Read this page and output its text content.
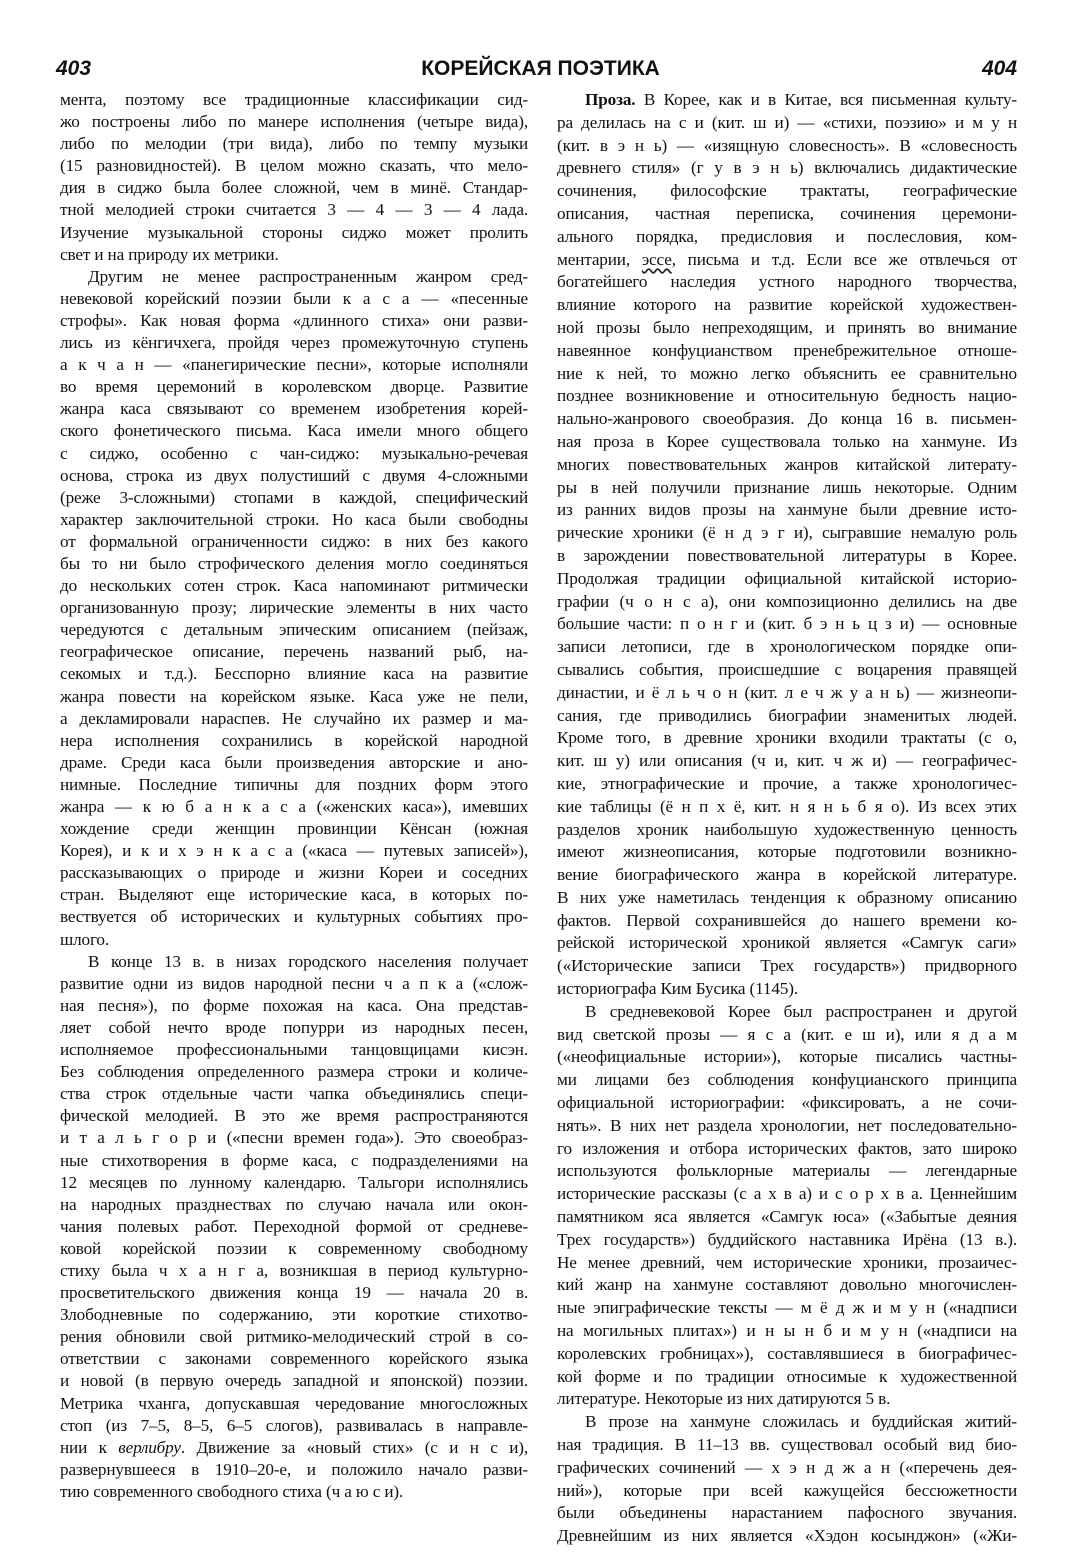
403	КОРЕЙСКАЯ ПОЭТИКА	404
мента, поэтому все традиционные классификации сид-
жо построены либо по манере исполнения (четыре вида),
либо по мелодии (три вида), либо по темпу музыки
(15 разновидностей). В целом можно сказать, что мело-
дия в сиджо была более сложной, чем в минё. Стандар-
тной мелодией строки считается 3 — 4 — 3 — 4 лада.
Изучение музыкальной стороны сиджо может пролить
свет и на природу их метрики.
Другим не менее распространенным жанром сред-
невековой корейский поэзии были к а с а — «песенные
строфы». Как новая форма «длинного стиха» они разви-
лись из кёнгичхега, пройдя через промежуточную ступень
а к ч а н — «панегирические песни», которые исполняли
во время церемоний в королевском дворце. Развитие
жанра каса связывают со временем изобретения корей-
ского фонетического письма. Каса имели много общего
с сиджо, особенно с чан-сиджо: музыкально-речевая
основа, строка из двух полустиший с двумя 4-сложными
(реже 3-сложными) стопами в каждой, специфический
характер заключительной строки. Но каса были свободны
от формальной ограниченности сиджо: в них без какого
бы то ни было строфического деления могло соединяться
до нескольких сотен строк. Каса напоминают ритмически
организованную прозу; лирические элементы в них часто
чередуются с детальным эпическим описанием (пейзаж,
географическое описание, перечень названий рыб, на-
секомых и т.д.). Бесспорно влияние каса на развитие
жанра повести на корейском языке. Каса уже не пели,
а декламировали нараспев. Не случайно их размер и ма-
нера исполнения сохранились в корейской народной
драме. Среди каса были произведения авторские и ано-
нимные. Последние типичны для поздних форм этого
жанра — к ю б а н к а с а («женских каса»), имевших
хождение среди женщин провинции Кёнсан (южная
Корея), и к и х э н к а с а («каса — путевых записей»),
рассказывающих о природе и жизни Кореи и соседних
стран. Выделяют еще исторические каса, в которых по-
вествуется об исторических и культурных событиях про-
шлого.
В конце 13 в. в низах городского населения получает
развитие одни из видов народной песни ч а п к а («слож-
ная песня»), по форме похожая на каса. Она представ-
ляет собой нечто вроде попурри из народных песен,
исполняемое профессиональными танцовщицами кисэн.
Без соблюдения определенного размера строки и количе-
ства строк отдельные части чапка объединялись специ-
фической мелодией. В это же время распространяются
и т а л ь г о р и («песни времен года»). Это своеобраз-
ные стихотворения в форме каса, с подразделениями на
12 месяцев по лунному календарю. Тальгори исполнялись
на народных празднествах по случаю начала или окон-
чания полевых работ. Переходной формой от средневе-
ковой корейской поэзии к современному свободному
стиху была ч х а н г а, возникшая в период культурно-
просветительского движения конца 19 — начала 20 в.
Злободневные по содержанию, эти короткие стихотво-
рения обновили свой ритмико-мелодический строй в со-
ответствии с законами современного корейского языка
и новой (в первую очередь западной и японской) поэзии.
Метрика чханга, допускавшая чередование многосложных
стоп (из 7–5, 8–5, 6–5 слогов), развивалась в направле-
нии к верлибру. Движение за «новый стих» (с и н с и),
развернувшееся в 1910–20-е, и положило начало разви-
тию современного свободного стиха (ч а ю с и).
Проза. В Корее, как и в Китае, вся письменная культу-
ра делилась на с и (кит. ш и) — «стихи, поэзию» и м у н
(кит. в э н ь) — «изящную словесность». В «словесность
древнего стиля» (г у в э н ь) включались дидактические
сочинения, философские трактаты, географические
описания, частная переписка, сочинения церемони-
ального порядка, предисловия и послесловия, ком-
ментарии, эссе, письма и т.д. Если все же отвлечься от
богатейшего наследия устного народного творчества,
влияние которого на развитие корейской художествен-
ной прозы было непреходящим, и принять во внимание
навеянное конфуцианством пренебрежительное отноше-
ние к ней, то можно легко объяснить ее сравнительно
позднее возникновение и относительную бедность нацио-
нально-жанрового своеобразия. До конца 16 в. письмен-
ная проза в Корее существовала только на ханмуне. Из
многих повествовательных жанров китайской литерату-
ры в ней получили признание лишь некоторые. Одним
из ранних видов прозы на ханмуне были древние исто-
рические хроники (ё н д э г и), сыгравшие немалую роль
в зарождении повествовательной литературы в Корее.
Продолжая традиции официальной китайской историо-
графии (ч о н с а), они композиционно делились на две
большие части: п о н г и (кит. б э н ь ц з и) — основные
записи летописи, где в хронологическом порядке опи-
сывались события, происшедшие с воцарения правящей
династии, и ё л ь ч о н (кит. л е ч ж у а н ь) — жизнеопи-
сания, где приводились биографии знаменитых людей.
Кроме того, в древние хроники входили трактаты (с о,
кит. ш у) или описания (ч и, кит. ч ж и) — географичес-
кие, этнографические и прочие, а также хронологичес-
кие таблицы (ё н п х ё, кит. н я н ь б я о). Из всех этих
разделов хроник наибольшую художественную ценность
имеют жизнеописания, которые подготовили возникно-
вение биографического жанра в корейской литературе.
В них уже наметилась тенденция к образному описанию
фактов. Первой сохранившейся до нашего времени ко-
рейской исторической хроникой является «Самгук саги»
(«Исторические записи Трех государств») придворного
историографа Ким Бусика (1145).
В средневековой Корее был распространен и другой
вид светской прозы — я с а (кит. е ш и), или я д а м
(«неофициальные истории»), которые писались частны-
ми лицами без соблюдения конфуцианского принципа
официальной историографии: «фиксировать, а не сочи-
нять». В них нет раздела хронологии, нет последовательно-
го изложения и отбора исторических фактов, зато широко
используются фольклорные материалы — легендарные
исторические рассказы (с а х в а) и с о р х в а. Ценнейшим
памятником яса является «Самгук юса» («Забытые деяния
Трех государств») буддийского наставника Ирёна (13 в.).
Не менее древний, чем исторические хроники, прозаичес-
кий жанр на ханмуне составляют довольно многочислен-
ные эпиграфические тексты — м ё д ж и м у н («надписи
на могильных плитах») и н ы н б и м у н («надписи на
королевских гробницах»), составлявшиеся в биографичес-
кой форме и по традиции относимые к художественной
литературе. Некоторые из них датируются 5 в.
В прозе на ханмуне сложилась и буддийская житий-
ная традиция. В 11–13 вв. существовал особый вид био-
графических сочинений — х э н д ж а н («перечень дея-
ний»), которые при всей кажущейся бессюжетности
были объединены нарастанием пафосного звучания.
Древнейшим из них является «Хэдон косынджон» («Жи-
